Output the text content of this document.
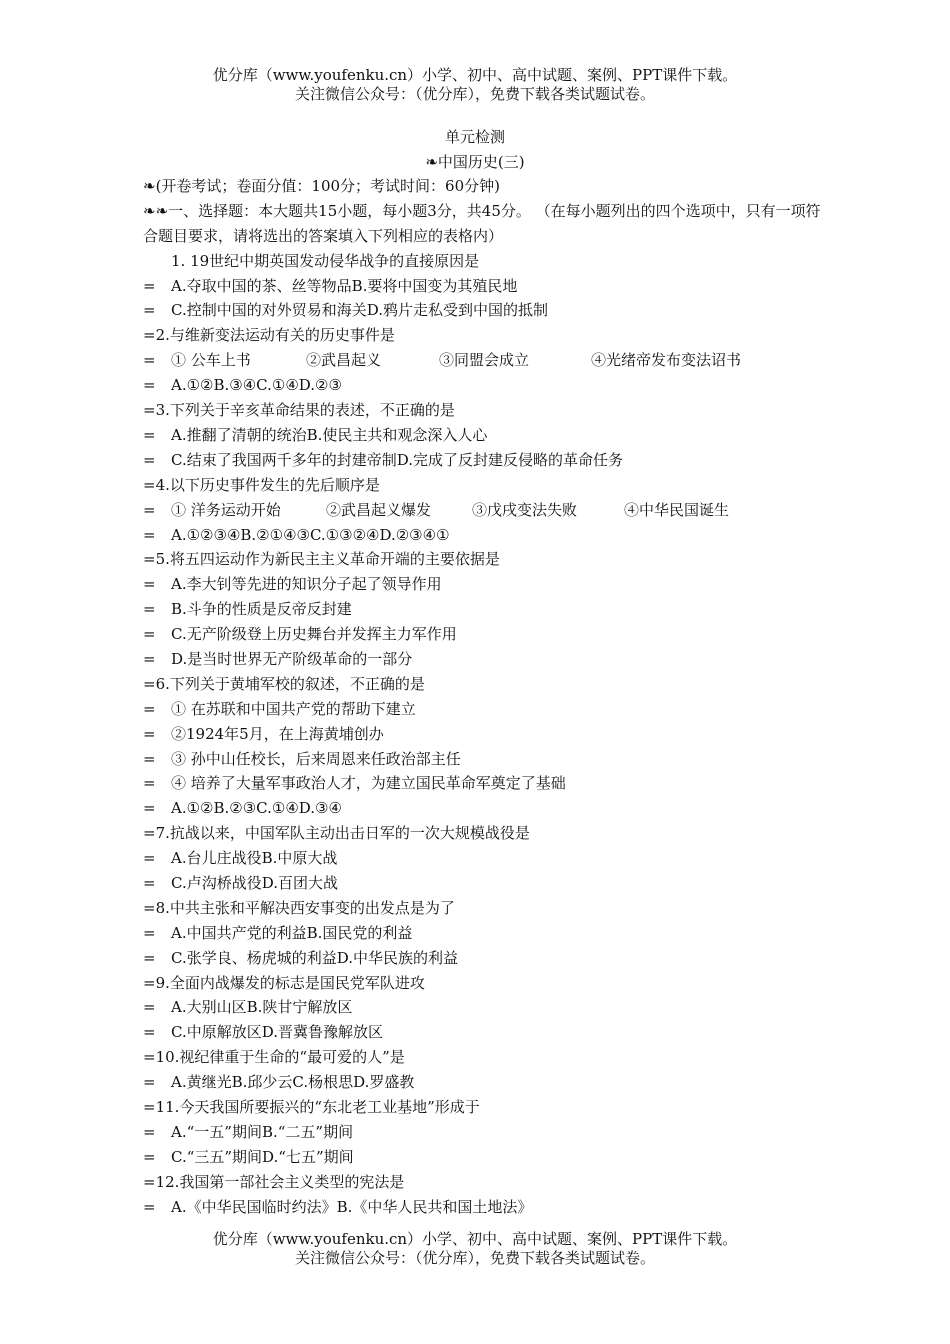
优分库（www.youfenku.cn）小学、初中、高中试题、案例、PPT课件下载。
关注微信公众号：（优分库），免费下载各类试题试卷。
单元检测
❧中国历史(三)
❧(开卷考试；卷面分值：100分；考试时间：60分钟)
❧❧一、选择题：本大题共15小题，每小题3分，共45分。 （在每小题列出的四个选项中，只有一项符合题目要求，请将选出的答案填入下列相应的表格内）
1. 19世纪中期英国发动侵华战争的直接原因是
= A.夺取中国的茶、丝等物品B.要将中国变为其殖民地
= C.控制中国的对外贸易和海关D.鸦片走私受到中国的抵制
=2.与维新变法运动有关的历史事件是
= ① 公车上书	②武昌起义	③同盟会成立	④光绪帝发布变法诏书
= A.①②B.③④C.①④D.②③
=3.下列关于辛亥革命结果的表述，不正确的是
= A.推翻了清朝的统治B.使民主共和观念深入人心
= C.结束了我国两千多年的封建帝制D.完成了反封建反侵略的革命任务
=4.以下历史事件发生的先后顺序是
= ① 洋务运动开始	②武昌起义爆发	③戊戌变法失败	④中华民国诞生
= A.①②③④B.②①④③C.①③②④D.②③④①
=5.将五四运动作为新民主主义革命开端的主要依据是
= A.李大钊等先进的知识分子起了领导作用
= B.斗争的性质是反帝反封建
= C.无产阶级登上历史舞台并发挥主力军作用
= D.是当时世界无产阶级革命的一部分
=6.下列关于黄埔军校的叙述，不正确的是
= ① 在苏联和中国共产党的帮助下建立
= ②1924年5月，在上海黄埔创办
= ③ 孙中山任校长，后来周恩来任政治部主任
= ④ 培养了大量军事政治人才，为建立国民革命军奠定了基础
= A.①②B.②③C.①④D.③④
=7.抗战以来，中国军队主动出击日军的一次大规模战役是
= A.台儿庄战役B.中原大战
= C.卢沟桥战役D.百团大战
=8.中共主张和平解决西安事变的出发点是为了
= A.中国共产党的利益B.国民党的利益
= C.张学良、杨虎城的利益D.中华民族的利益
=9.全面内战爆发的标志是国民党军队进攻
= A.大别山区B.陕甘宁解放区
= C.中原解放区D.晋冀鲁豫解放区
=10.视纪律重于生命的“最可爱的人”是
= A.黄继光B.邱少云C.杨根思D.罗盛教
=11.今天我国所要振兴的“东北老工业基地”形成于
= A.“一五”期间B.“二五”期间
= C.“三五”期间D.“七五”期间
=12.我国第一部社会主义类型的宪法是
= A.《中华民国临时约法》B.《中华人民共和国土地法》
优分库（www.youfenku.cn）小学、初中、高中试题、案例、PPT课件下载。
关注微信公众号：（优分库），免费下载各类试题试卷。
